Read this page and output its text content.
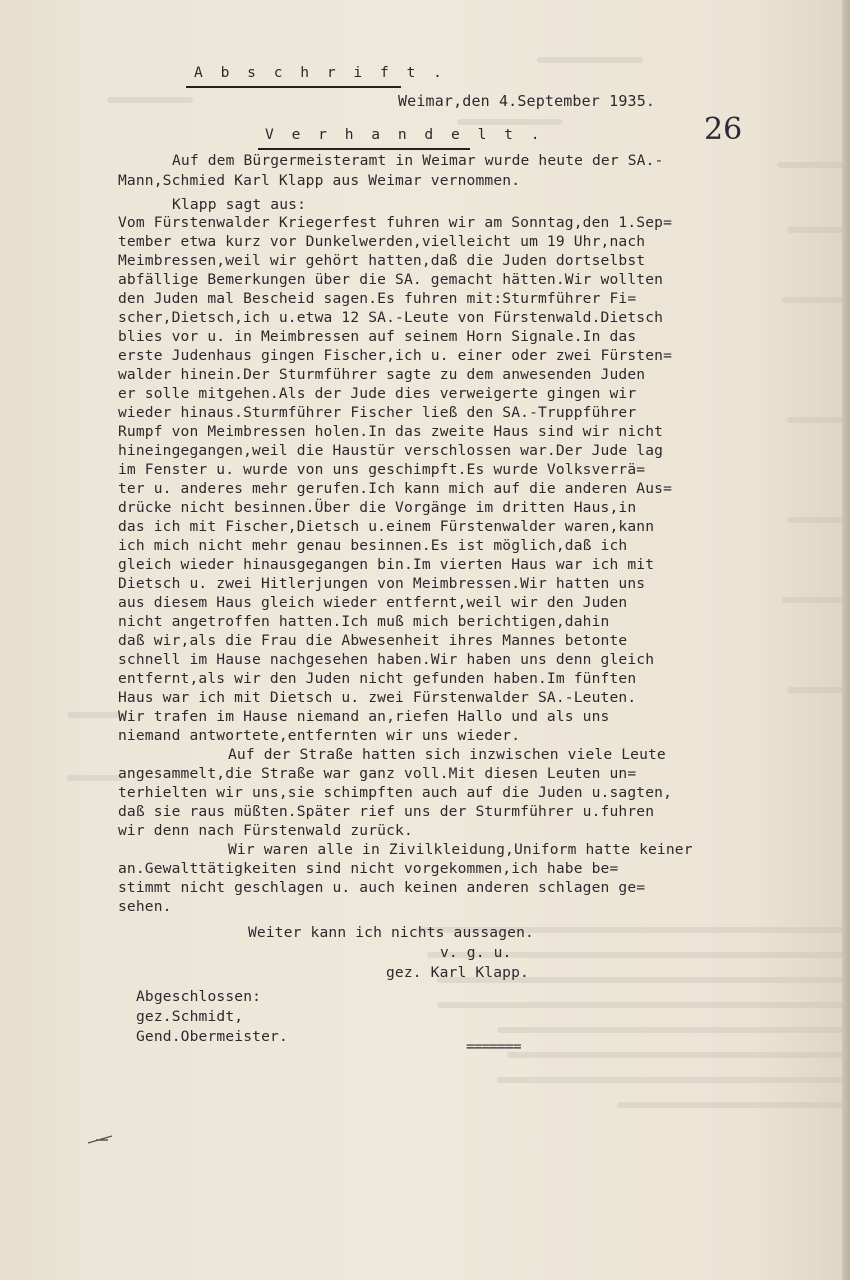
A b s c h r i f t .
Weimar,den 4.September 1935.
V e r h a n d e l t .	26
Auf dem Bürgermeisteramt in Weimar wurde heute der SA.-
Mann,Schmied Karl Klapp aus Weimar vernommen.
Klapp sagt aus:
Vom Fürstenwalder Kriegerfest fuhren wir am Sonntag,den 1.Sep=
tember etwa kurz vor Dunkelwerden,vielleicht um 19 Uhr,nach
Meimbressen,weil wir gehört hatten,daß die Juden dortselbst
abfällige Bemerkungen über die SA. gemacht hätten.Wir wollten
den Juden mal Bescheid sagen.Es fuhren mit:Sturmführer Fi=
scher,Dietsch,ich u.etwa 12 SA.-Leute von Fürstenwald.Dietsch
blies vor u. in Meimbressen auf seinem Horn Signale.In das
erste Judenhaus gingen Fischer,ich u. einer oder zwei Fürsten=
walder hinein.Der Sturmführer sagte zu dem anwesenden Juden
er solle mitgehen.Als der Jude dies verweigerte gingen wir
wieder hinaus.Sturmführer Fischer ließ den SA.-Truppführer
Rumpf von Meimbressen holen.In das zweite Haus sind wir nicht
hineingegangen,weil die Haustür verschlossen war.Der Jude lag
im Fenster u. wurde von uns geschimpft.Es wurde Volksverrä=
ter u. anderes mehr gerufen.Ich kann mich auf die anderen Aus=
drücke nicht besinnen.Über die Vorgänge im dritten Haus,in
das ich mit Fischer,Dietsch u.einem Fürstenwalder waren,kann
ich mich nicht mehr genau besinnen.Es ist möglich,daß ich
gleich wieder hinausgegangen bin.Im vierten Haus war ich mit
Dietsch u. zwei Hitlerjungen von Meimbressen.Wir hatten uns
aus diesem Haus gleich wieder entfernt,weil wir den Juden
nicht angetroffen hatten.Ich muß mich berichtigen,dahin
daß wir,als die Frau die Abwesenheit ihres Mannes betonte
schnell im Hause nachgesehen haben.Wir haben uns denn gleich
entfernt,als wir den Juden nicht gefunden haben.Im fünften
Haus war ich mit Dietsch u. zwei Fürstenwalder SA.-Leuten.
Wir trafen im Hause niemand an,riefen Hallo und als uns
niemand antwortete,entfernten wir uns wieder.
Auf der Straße hatten sich inzwischen viele Leute
angesammelt,die Straße war ganz voll.Mit diesen Leuten un=
terhielten wir uns,sie schimpften auch auf die Juden u.sagten,
daß sie raus müßten.Später rief uns der Sturmführer u.fuhren
wir denn nach Fürstenwald zurück.
Wir waren alle in Zivilkleidung,Uniform hatte keiner
an.Gewalttätigkeiten sind nicht vorgekommen,ich habe be=
stimmt nicht geschlagen u. auch keinen anderen schlagen ge=
sehen.
Weiter kann ich nichts aussagen.
v. g. u.
gez. Karl Klapp.
Abgeschlossen:
gez.Schmidt,
Gend.Obermeister.
=======
